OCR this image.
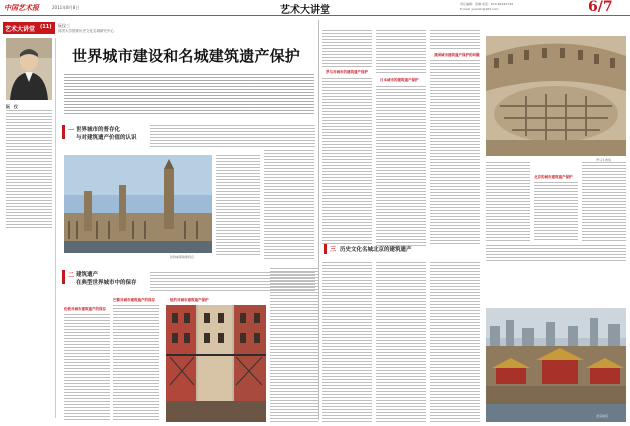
中国艺术报	2011年8月8日	艺术大讲堂
责任编辑：袁琳 电话：010-84442794
E-mail: yuanlin@163.com	6/7
艺术大讲堂 (11) 阮仪三
同济大学国家历史文化名城研究中心
阮　仪
世界城市建设和名城建筑遗产保护
一 世界城市的普存化
与对建筑遗产价值的认识
伦敦威斯敏斯特宫
二 建筑遗产
在典型世界城市中的保存
伦敦对城市建筑遗产的保存
巴黎对城市建筑遗产的保存	纽约对城市建筑遗产保护
罗马对城市的建筑遗产保护
日本城市的建筑遗产保护
我国城市建筑遗产保护的问题
罗马斗兽场
北京的城市建筑遗产保护
三 历史文化名城北京的建筑遗产
北京故宫
